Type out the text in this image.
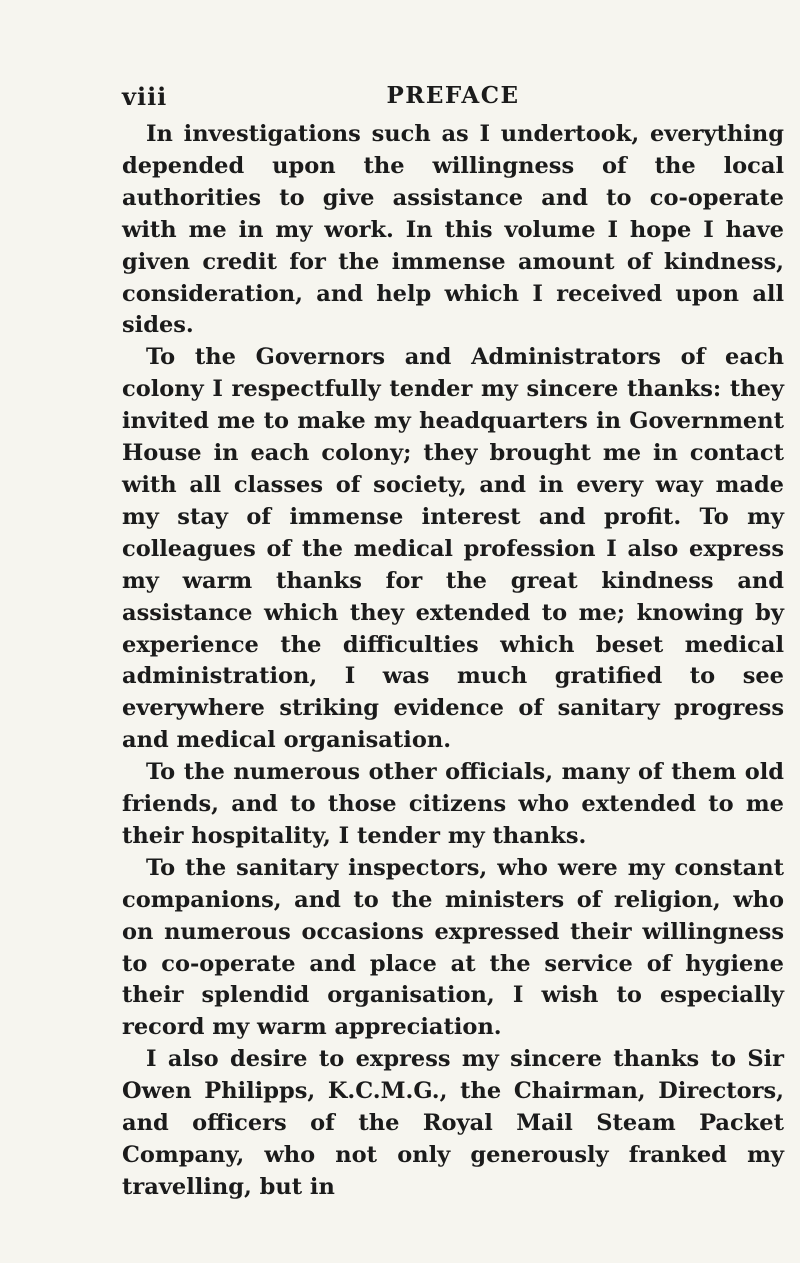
viii	PREFACE

In investigations such as I undertook, everything depended upon the willingness of the local authorities to give assistance and to co-operate with me in my work. In this volume I hope I have given credit for the immense amount of kindness, consideration, and help which I received upon all sides.

To the Governors and Administrators of each colony I respectfully tender my sincere thanks: they invited me to make my headquarters in Government House in each colony; they brought me in contact with all classes of society, and in every way made my stay of immense interest and profit. To my colleagues of the medical profession I also express my warm thanks for the great kindness and assistance which they extended to me; knowing by experience the difficulties which beset medical administration, I was much gratified to see everywhere striking evidence of sanitary progress and medical organisation.

To the numerous other officials, many of them old friends, and to those citizens who extended to me their hospitality, I tender my thanks.

To the sanitary inspectors, who were my constant companions, and to the ministers of religion, who on numerous occasions expressed their willingness to co-operate and place at the service of hygiene their splendid organisation, I wish to especially record my warm appreciation.

I also desire to express my sincere thanks to Sir Owen Philipps, K.C.M.G., the Chairman, Directors, and officers of the Royal Mail Steam Packet Company, who not only generously franked my travelling, but in
